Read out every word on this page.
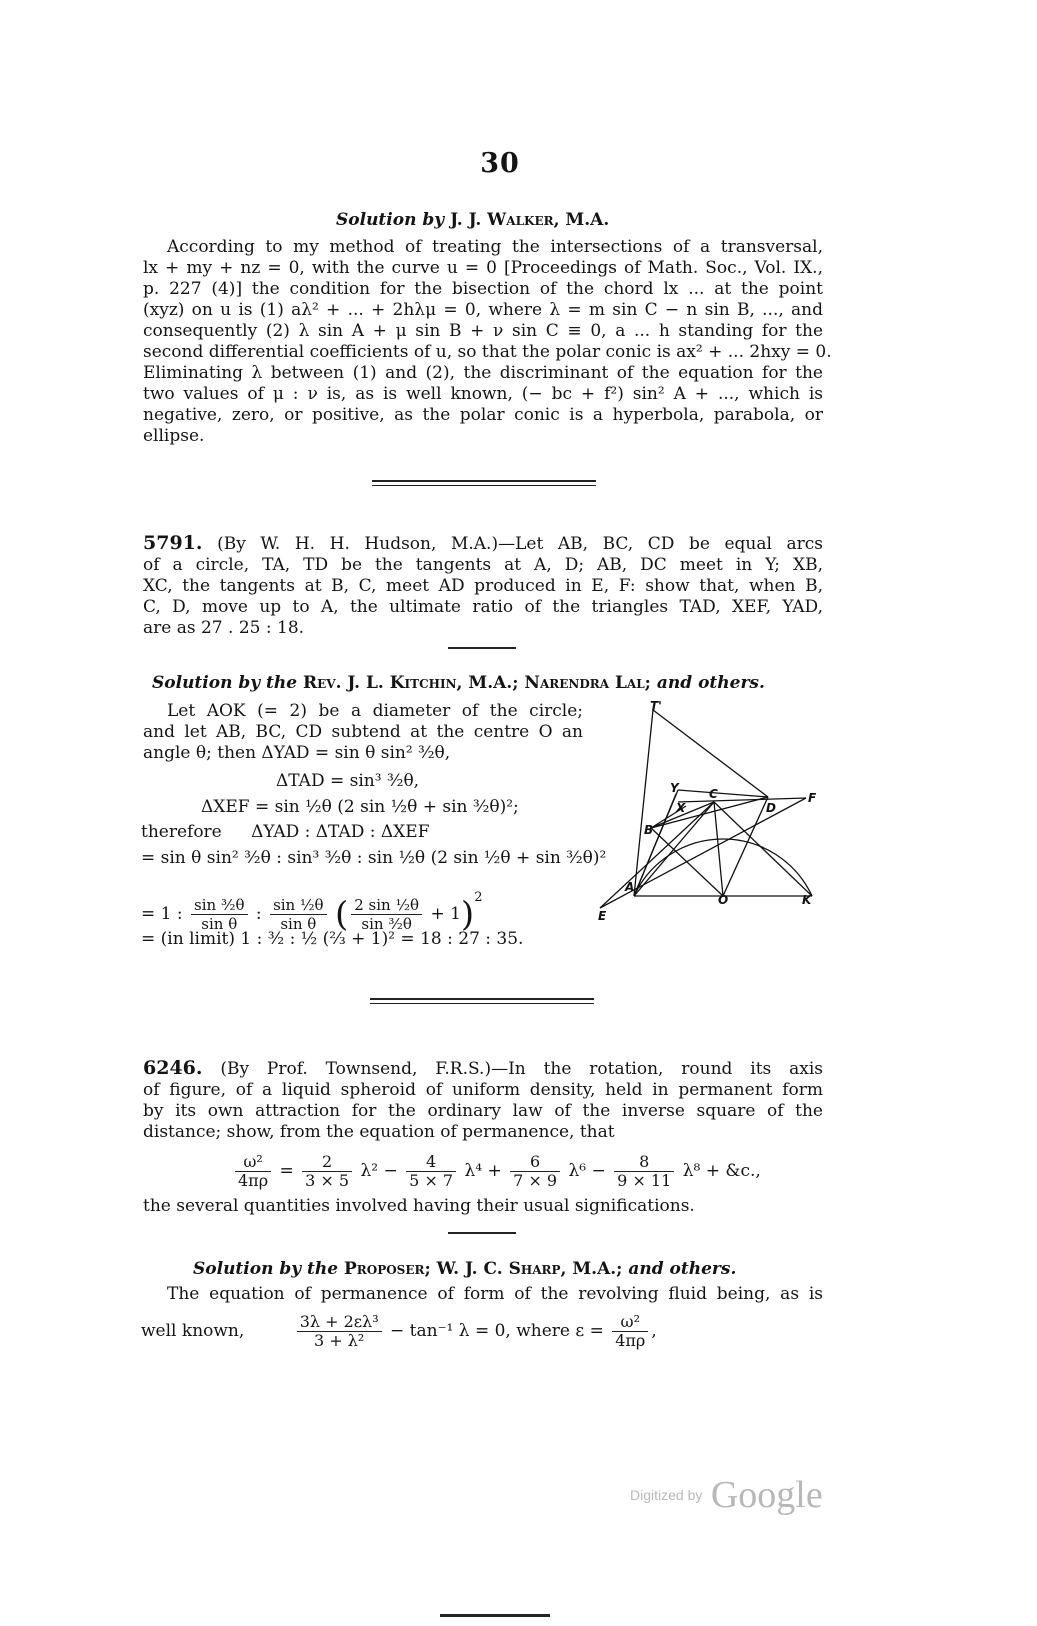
30
Solution by J. J. Walker, M.A.
According to my method of treating the intersections of a transversal,
lx + my + nz = 0, with the curve u = 0 [Proceedings of Math. Soc., Vol. IX.,
p. 227 (4)] the condition for the bisection of the chord lx ... at the point
(xyz) on u is (1) aλ² + ... + 2hλμ = 0, where λ = m sin C − n sin B, ..., and
consequently (2) λ sin A + μ sin B + ν sin C ≡ 0, a ... h standing for the
second differential coefficients of u, so that the polar conic is ax² + ... 2hxy = 0.
Eliminating λ between (1) and (2), the discriminant of the equation for the
two values of μ : ν is, as is well known, (− bc + f²) sin² A + ..., which is
negative, zero, or positive, as the polar conic is a hyperbola, parabola, or
ellipse.
5791. (By W. H. H. Hudson, M.A.)—Let AB, BC, CD be equal arcs
of a circle, TA, TD be the tangents at A, D; AB, DC meet in Y; XB,
XC, the tangents at B, C, meet AD produced in E, F: show that, when B,
C, D, move up to A, the ultimate ratio of the triangles TAD, XEF, YAD,
are as 27 . 25 : 18.
Solution by the Rev. J. L. Kitchin, M.A.; Narendra Lal; and others.
Let AOK (= 2) be a diameter of the circle;
and let AB, BC, CD subtend at the centre O an
angle θ; then ΔYAD = sin θ sin² ³⁄₂θ,
ΔTAD = sin³ ³⁄₂θ,
ΔXEF = sin ½θ (2 sin ½θ + sin ³⁄₂θ)²;
therefore ΔYAD : ΔTAD : ΔXEF
= sin θ sin² ³⁄₂θ : sin³ ³⁄₂θ : sin ½θ (2 sin ½θ + sin ³⁄₂θ)²
= 1 : $\frac{\text{sin ³⁄₂θ}}{\text{sin θ}}$ : $\frac{\text{sin ½θ}}{\text{sin θ}}$ ( $\frac{\text{2 sin ½θ}}{\text{sin ³⁄₂θ}} + 1)^2$
= (in limit) 1 : ³⁄₂ : ½ (⅔ + 1)² = 18 : 27 : 35.
T'
Y	C
D
F
X
B
A
O	K
E
6246. (By Prof. Townsend, F.R.S.)—In the rotation, round its axis
of figure, of a liquid spheroid of uniform density, held in permanent form
by its own attraction for the ordinary law of the inverse square of the
distance; show, from the equation of permanence, that
$\frac{\text{ω²}}{4\pi\rho} = \frac{2}{3 \times 5} \lambda^2 - \frac{4}{5 \times 7} \lambda^4 + \frac{6}{7 \times 9} \lambda^6 - \frac{8}{9 \times 11} \lambda^8$ + &c.,
the several quantities involved having their usual significations.
Solution by the Proposer; W. J. C. Sharp, M.A.; and others.
The equation of permanence of form of the revolving fluid being, as is
well known,	$\frac{\text{3λ + 2ελ³}}{\text{3 + λ²}} - \tan^{-1}$ λ = 0, where $\varepsilon = \frac{\text{ω²}}{4\pi\rho}$ ,
Digitized by Google
